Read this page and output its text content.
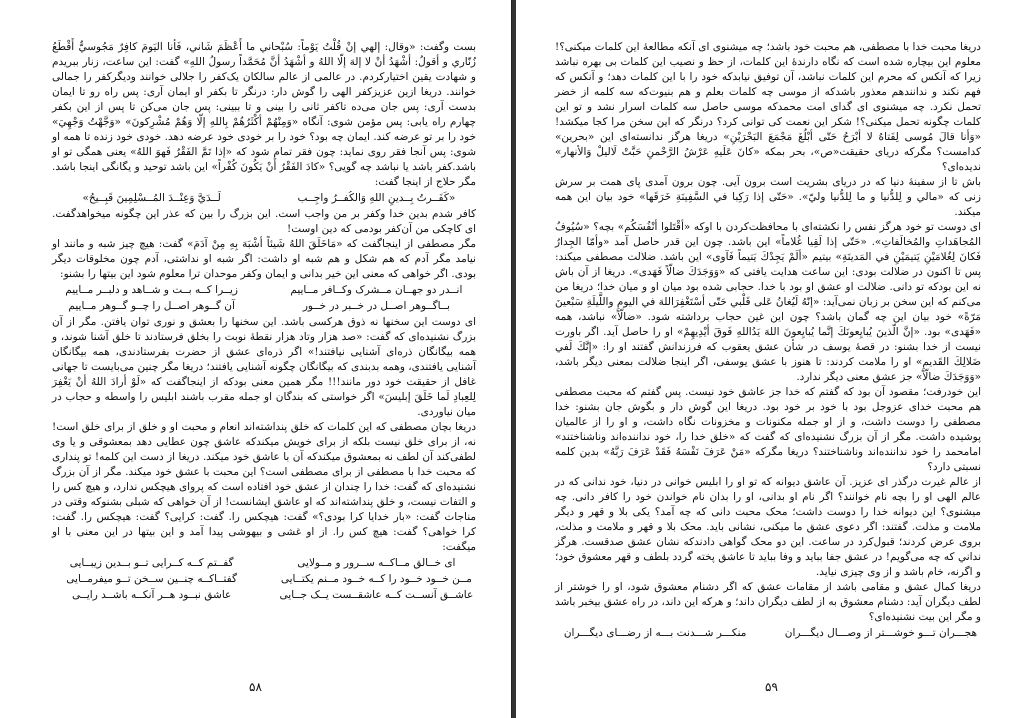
بست وگفت: «وقال: إلهي إنْ قُلْتُ يَوْماً: سُبْحاني ما أَعْظَمَ شَاني، فَأنا اليَومَ كافِرٌ مَجُوسيٌّ أَقْطَعُ زُنّاري و أقولُ: أشْهَدُ أنْ لا إلهَ إلّا اللهُ و أشْهَدُ أنَّ مُحَمَّداً رسولُ اللهِ» گفت: این ساعت، زنار ببریدم و شهادت یقین اختیارکردم. در عالمی از عالم سالکان یک‌کفر را جلالی خوانند ودیگرکفر را جمالی خوانند. دریغا ازین عزیزکفر الهی را گوش دار: درنگر تا بکفر او ایمان آری: پس راه رو تا ایمان بدست آری: پس جان می‌ده تاکفر ثانی را بینی و تا ببینی: پس جان می‌کن تا پس از این بکفر چهارم راه یابی: پس مؤمن شوی: آنگاه «وَمِنْهُمْ أكْثَرُهُمْ بِاللهِ إلّا وَهُمْ مُشْرِكونَ» «وَجَّهْتُ وَجْهِيَ» خود را بر تو عرضه کند. ایمان چه بود؟ خود را بر خودی خود عرضه دهد. خودی خود زنده تا همه او شوی: پس آنجا فقر روی نماید: چون فقر تمام شود که «إذا تَمَّ الفَقْرُ فَهوَ اللهُ» یعنی همگی تو او باشد.کفر باشد یا نباشد چه گویی؟ «كادَ الفَقْرُ أَنْ يَكُونَ كُفْراً» این باشد توحید و یگانگی اینجا باشد. مگر حلاج از اینجا گفت:

«كَفَــرتُ بِــدينِ اللهِ وَالكُفــرُ واجِــب
لَــدَيَّ وَعِنْــدَ المُــسْلِمِينَ قَبِــيحُ»

کافر شدم بدین خدا وکفر بر من واجب است. این بزرگ را بین که عذر این چگونه میخواهدگفت. ای کاچکی من آن‌کفر بودمی که دین اوست!

مگر مصطفی از اینجاگفت که «مَاخَلَقَ اللهُ شَيئاً أشْبَهَ بِهِ مِنْ آدَمَ» گفت: هیچ چیز شبه و مانند او نیامد مگر آدم که هم شکل و هم شبه او داشت: اگر شبه او نداشتی، آدم چون مخلوقات دیگر بودی. اگر خواهی که معنی این خیر بدانی و ایمان وکفر موحدان ترا معلوم شود این بیتها را بشنو:

انــدر دو جهــان مــشرک وکــافر مــاییم
زیــرا کــه بــت و شــاهد و دلبــر مــاییم
بــاگــوهر اصــل در خــبر در خــور
آن گــوهر اصــل را چــو گــوهر مــاییم

ای دوست این سخنها نه ذوق هرکسی باشد. این سخنها را بعشق و نوری توان یافتن. مگر از آن بزرگ نشنیده‌ای که گفت: «صد هزار وتاد هزار نقطهٔ نوبت را بخلق فرستادند تا خلق آشنا شوند، و همه بیگانگان ذره‌ای آشنایی نیافتند!» اگر ذره‌ای عشق از حضرت بفرستادندی، همه بیگانگان آشنایی یافتندی، وهمه بدبندی‌ که بیگانگان چگونه آشنایی یافتند؛ دریغا مگر چنین می‌بایست تا جهانی غافل از حقیقت خود دور مانند!!! مگر همین معنی بودکه از اینجاگفت که «لَوْ أرادَ اللهُ أنْ يَغْفِرَ لِلعِبادِ لَما خَلَقَ إبليسَ» اگر خواستی که بندگان او جمله مقرب باشند ابلیس را واسطه و حجاب در میان نیاوردی.

دریغا بچان مصطفی که این کلمات که خلق پنداشته‌اند انعام و محبت او و خلق از برای خلق است! نه، از برای خلق نیست بلکه از برای خویش میکندکه عاشق چون عطایی دهد بمعشوقی و یا وی لطفی‌کند آن لطف نه بمعشوق میکندکه آن با عاشق خود میکند. دریغا از دست این کلمه! تو پنداری که محبت خدا با مصطفی از برای مصطفی است؟ این محبت با عشق خود میکند. مگر از آن بزرگ نشنیده‌ای که گفت: خدا را چندان از عشق خود افتاده است که پروای هیچکس ندارد، و هیچ کس را و التفات نیست، و خلق پنداشته‌اند که او عاشق ایشانست! از آن خواهی که شبلی بشنوکه وقتی در مناجات گفت: «بار خدایا کرا بودی؟» گفت: هیچکس را. گفت: کرایی؟ گفت: هیچکس را. گفت: کرا خواهی؟ گفت: هیچ کس را. از او غشی و بیهوشی پیدا آمد و این بیتها در این معنی با او میگفت:

ای خــالق مــاکــه ســرور و مــولایی
گفــتم کــه کــرایی تــو بــدین زیبــایی
مــن خــود خــود را کــه خــود مــنم یکتــایی
گفتــاکــه چنــین ســخن تــو میفرمــایی
عاشــق آنســت کــه عاشقــست یــک جــایی
عاشق نبــود هــر آنکــه باشــد رایــی
۵۸

دریغا محبت خدا با مصطفی، هم محبت خود باشد؛ چه میشنوی ای آنکه مطالعهٔ این کلمات میکنی؟! معلوم این بیچاره شده است که نگاه دارندهٔ این کلمات، از حظ و نصیب این کلمات بی بهره نباشد زیرا که آنکس که محرم این کلمات نباشد، آن توفیق نیابدکه خود را با این کلمات دهد؛ و آنکس که فهم نکند و ندانندهم معذور باشدکه از موسی چه کلمات بعلم و هم بنیوت‌که سه کلمه از خضر تحمل نکرد. چه میشنوی ای گدای امت محمدکه موسی حاصل سه کلمات اسرار نشد و تو این کلمات چگونه تحمل میکنی؟! شکر این نعمت کی توانی کرد؟ درنگر که این سخن مرا کجا میکشد! «وَأنا قالَ مُوسى لِفَتاهُ لا أبْرَحُ حَتّى أبْلُغَ مَجْمَعَ البَحْرَيْنِ» دریغا هرگز ندانسته‌ای این «بحرین» کدامست؟ مگرکه دریای حقیقت«ص»، بحر بمکه «كانَ عَلَيهِ عَرْشُ الرَّحْمنِ حَبَّتْ لَاليلْ وَالأنهار» ندیده‌ای؟

باش تا از سفینهٔ دنیا که در دریای بشریت است برون آیی. چون برون آمدی پای همت بر سرش زنی که «مالي و لِلدُّنيا و ما لِلدُّنيا وليّ». «حَتّى إذا رَكِبا في السَّفِينَةِ خَرَقَها» خود بیان این همه میکند.

ای دوست تو خود هرگز نفس را نکشته‌ای با محافظت‌کردن با اوکه «أقْتَلوا أنْفُسَكُم» بچه؟ «سُيُوفُ المُجاهَداتِ والمُخالَفاتِ». «حَتّى إذا لَقِيا غُلاماً» این باشد. چون این قدر حاصل آمد «وأمّا الجِدارُ فَكانَ لِغُلامَيْنِ يَتيمَيْنِ في المَدينَةِ» بیتیم «ألَمْ يَجِدْكَ يَتيماً فَآوى» این باشد. ضلالت مصطفی میکند: پس تا اکنون در ضلالت بودی: این ساعت هدایت یافتی که «وَوَجَدَكَ ضالّاً فَهَدى». دریغا از آن باش نه این بودکه تو دانی. ضلالت او عشق او بود با خدا. حجابی شده بود میان او و میان خدا؛ دریغا من می‌کنم که این سخن بر زبان نمی‌آید: «إنّهُ لَيُغانُ عَلى قَلْبي حَتّى أسْتَغْفِرَاللهَ في اليومِ واللَّيلَةِ سَبْعينَ مَرّةً» خود بیان این چه گمان باشد؟ چون این غین حجاب برداشته شود. «ضالّاً» نباشد، همه «فَهَدى» بود. «إنَّ الّذينَ يُبايِعونَكَ إنَّما يُبايِعونَ اللهَ يَدُاللهِ فَوقَ أيْدِيهِمْ» او را حاصل آید. اگر باورت نیست از خدا بشنو: در قصهٔ یوسف در شأن عشق یعقوب که فرزندانش گفتند او را: «إنَّكَ لَفي ضَلالِكَ القَديمِ» او را ملامت کردند: تا هنوز با عشق یوسفی، اگر اینجا ضلالت بمعنی دیگر باشد، «وَوَجَدَكَ ضالّاً» جز عشق معنی دیگر ندارد.

این خودرفت؛ مقصود آن بود که گفتم که خدا جز عاشق خود نیست. پس گفتم که محبت مصطفی هم محبت خدای عزوجل بود با خود بر خود بود. دریغا این گوش دار و بگوش جان بشنو: خدا مصطفی را دوست داشت، و از او جمله مکنونات و مخزونات نگاه داشت، و او را از عالمیان پوشیده داشت. مگر از آن بزرگ نشنیده‌ای که گفت که «خلق خدا را، خود نداننده‌اند وناشناختند» امامحمد را خود نداننده‌اند وناشناختند؟ دریغا مگرکه «مَنْ عَرَفَ نَفْسَهُ فَقَدْ عَرَفَ رَبَّهُ» بدین کلمه نسبتی دارد؟

از عالم غیرت درگذر ای عزیز. آن عاشق دیوانه که تو او را ابلیس خوانی در دنیا، خود ندانی که در عالم الهی او را بچه نام خوانند؟ اگر نام او بدانی، او را بدان نام خواندن خود را کافر دانی. چه میشنوی؟ این دیوانه خدا را دوست داشت؛ محک محبت دانی که چه آمد؟ یکی بلا و قهر و دیگر ملامت و مذلت. گفتند: اگر دعوی عشق ما میکنی، نشانی باید. محک بلا و قهر و ملامت و مذلت، بروی عرض کردند؛ قبول‌کرد در ساعت. این دو محک گواهی دادندکه نشان عشق صدقست. هرگز نداني که چه می‌گویم! در عشق جفا بباید و وفا بباید تا عاشق پخته گردد بلطف و قهر معشوق خود؛ و اگرنه، خام باشد و از وی چیزی نیاید.

دریغا کمال عشق و مقامی باشد از مقامات عشق که اگر دشنام معشوق شود، او را خوشتر از لطف دیگران آید: دشنام معشوق به از لطف دیگران داند؛ و هرکه این داند، در راه عشق بیخبر باشد و مگر این بیت نشنیده‌ای؟

هجـــران تـــو خوشـــتر از وصـــال دیگـــران
منکـــر شـــدنت بـــه از رضـــای دیگـــران
۵۹
